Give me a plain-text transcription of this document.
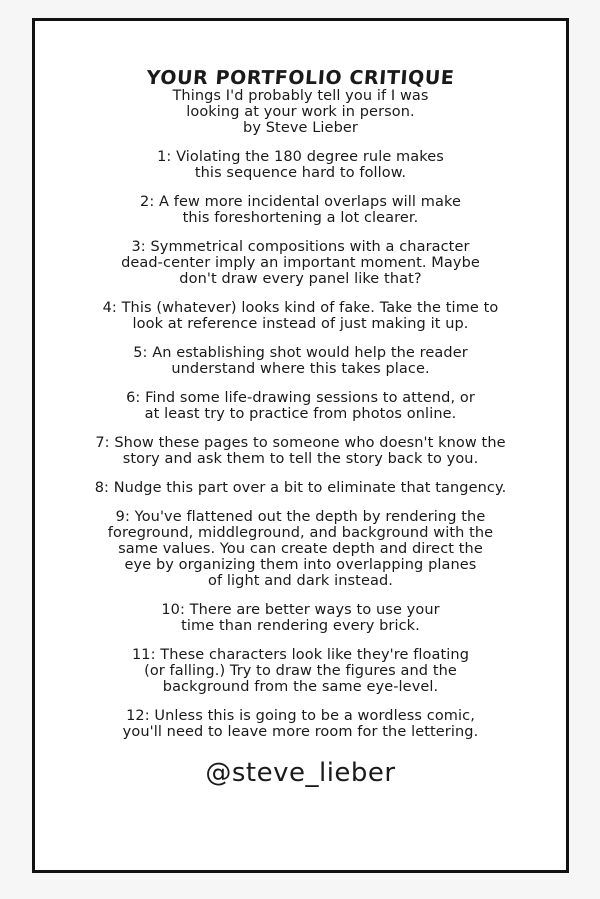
YOUR PORTFOLIO CRITIQUE

Things I'd probably tell you if I was

looking at your work in person.

by Steve Lieber

1: Violating the 180 degree rule makes
this sequence hard to follow.
2: A few more incidental overlaps will make
this foreshortening a lot clearer.
3: Symmetrical compositions with a character
dead-center imply an important moment. Maybe
don't draw every panel like that?
4: This (whatever) looks kind of fake. Take the time to
look at reference instead of just making it up.
5: An establishing shot would help the reader
understand where this takes place.
6: Find some life-drawing sessions to attend, or
at least try to practice from photos online.
7: Show these pages to someone who doesn't know the
story and ask them to tell the story back to you.
8: Nudge this part over a bit to eliminate that tangency.
9: You've flattened out the depth by rendering the
foreground, middleground, and background with the
same values. You can create depth and direct the
eye by organizing them into overlapping planes
of light and dark instead.
10: There are better ways to use your
time than rendering every brick.
11: These characters look like they're floating
(or falling.) Try to draw the figures and the
background from the same eye-level.
12: Unless this is going to be a wordless comic,
you'll need to leave more room for the lettering.
@steve_lieber
